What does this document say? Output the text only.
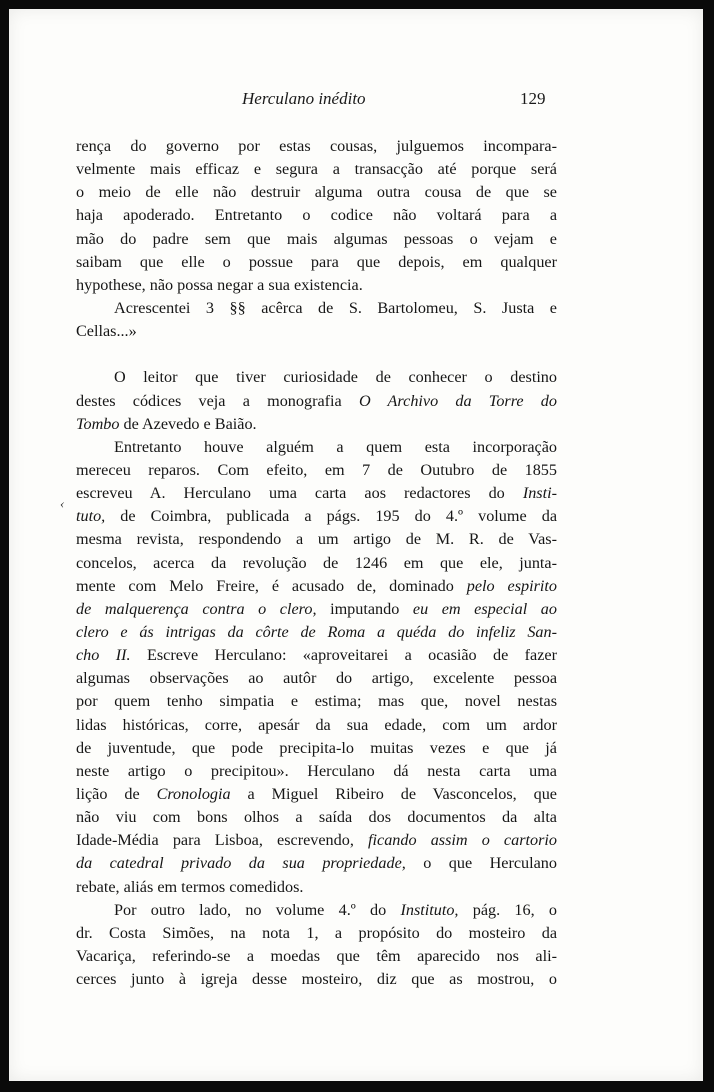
Herculano inédito	129
‹
rença do governo por estas cousas, julguemos incompara-
velmente mais efficaz e segura a transacção até porque será
o meio de elle não destruir alguma outra cousa de que se
haja apoderado. Entretanto o codice não voltará para a
mão do padre sem que mais algumas pessoas o vejam e
saibam que elle o possue para que depois, em qualquer
hypothese, não possa negar a sua existencia.
Acrescentei 3 §§ acêrca de S. Bartolomeu, S. Justa e
Cellas...»
O leitor que tiver curiosidade de conhecer o destino
destes códices veja a monografia O Archivo da Torre do
Tombo de Azevedo e Baião.
Entretanto houve alguém a quem esta incorporação
mereceu reparos. Com efeito, em 7 de Outubro de 1855
escreveu A. Herculano uma carta aos redactores do Insti-
tuto, de Coimbra, publicada a págs. 195 do 4.º volume da
mesma revista, respondendo a um artigo de M. R. de Vas-
concelos, acerca da revolução de 1246 em que ele, junta-
mente com Melo Freire, é acusado de, dominado pelo espirito
de malquerença contra o clero, imputando eu em especial ao
clero e ás intrigas da côrte de Roma a quéda do infeliz San-
cho II. Escreve Herculano: «aproveitarei a ocasião de fazer
algumas observações ao autôr do artigo, excelente pessoa
por quem tenho simpatia e estima; mas que, novel nestas
lidas históricas, corre, apesár da sua edade, com um ardor
de juventude, que pode precipita-lo muitas vezes e que já
neste artigo o precipitou». Herculano dá nesta carta uma
lição de Cronologia a Miguel Ribeiro de Vasconcelos, que
não viu com bons olhos a saída dos documentos da alta
Idade-Média para Lisboa, escrevendo, ficando assim o cartorio
da catedral privado da sua propriedade, o que Herculano
rebate, aliás em termos comedidos.
Por outro lado, no volume 4.º do Instituto, pág. 16, o
dr. Costa Simões, na nota 1, a propósito do mosteiro da
Vacariça, referindo-se a moedas que têm aparecido nos ali-
cerces junto à igreja desse mosteiro, diz que as mostrou, o
